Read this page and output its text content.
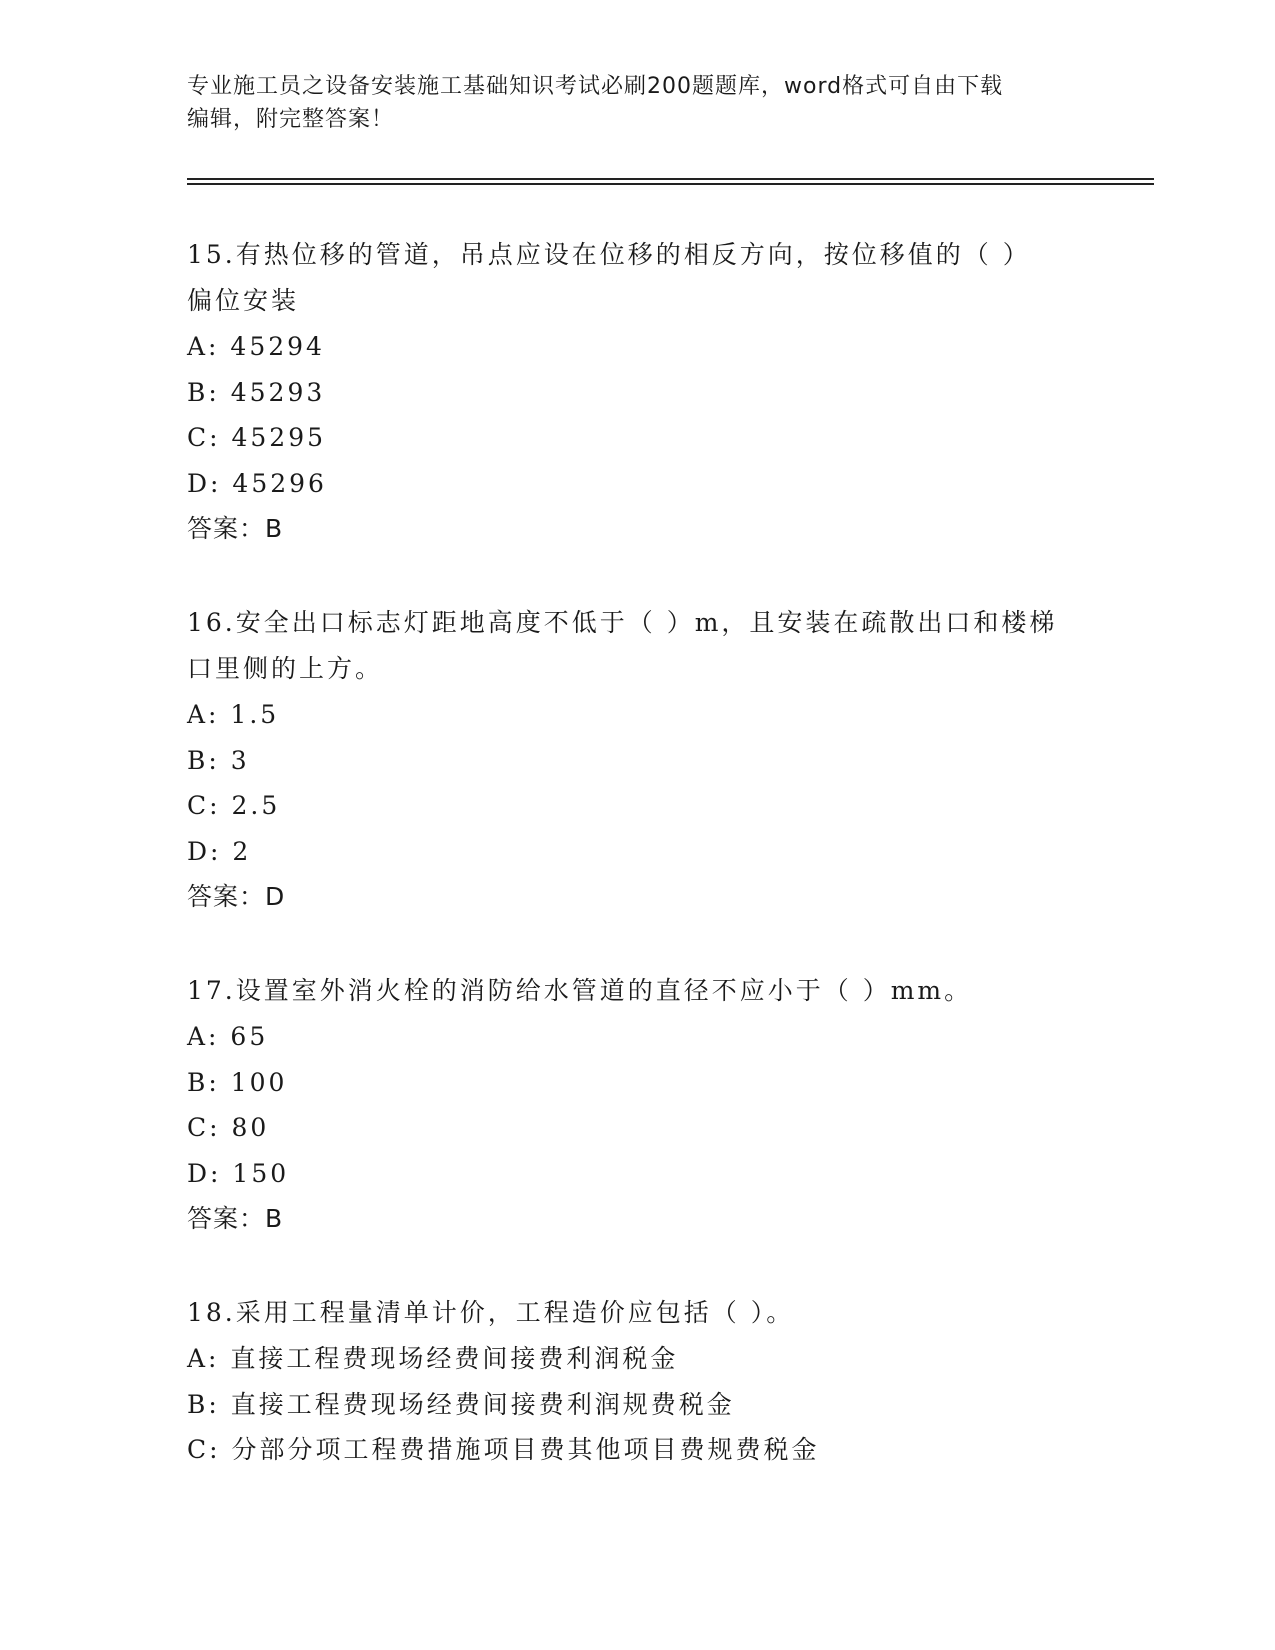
专业施工员之设备安装施工基础知识考试必刷200题题库，word格式可自由下载
编辑，附完整答案！

15.有热位移的管道，吊点应设在位移的相反方向，按位移值的（ ）

偏位安装

A: 45294

B: 45293

C: 45295

D: 45296

答案：B

16.安全出口标志灯距地高度不低于（ ）m，且安装在疏散出口和楼梯

口里侧的上方。

A: 1.5

B: 3

C: 2.5

D: 2

答案：D

17.设置室外消火栓的消防给水管道的直径不应小于（ ）mm。

A: 65

B: 100

C: 80

D: 150

答案：B

18.采用工程量清单计价，工程造价应包括（ ）。

A: 直接工程费现场经费间接费利润税金

B: 直接工程费现场经费间接费利润规费税金

C: 分部分项工程费措施项目费其他项目费规费税金
